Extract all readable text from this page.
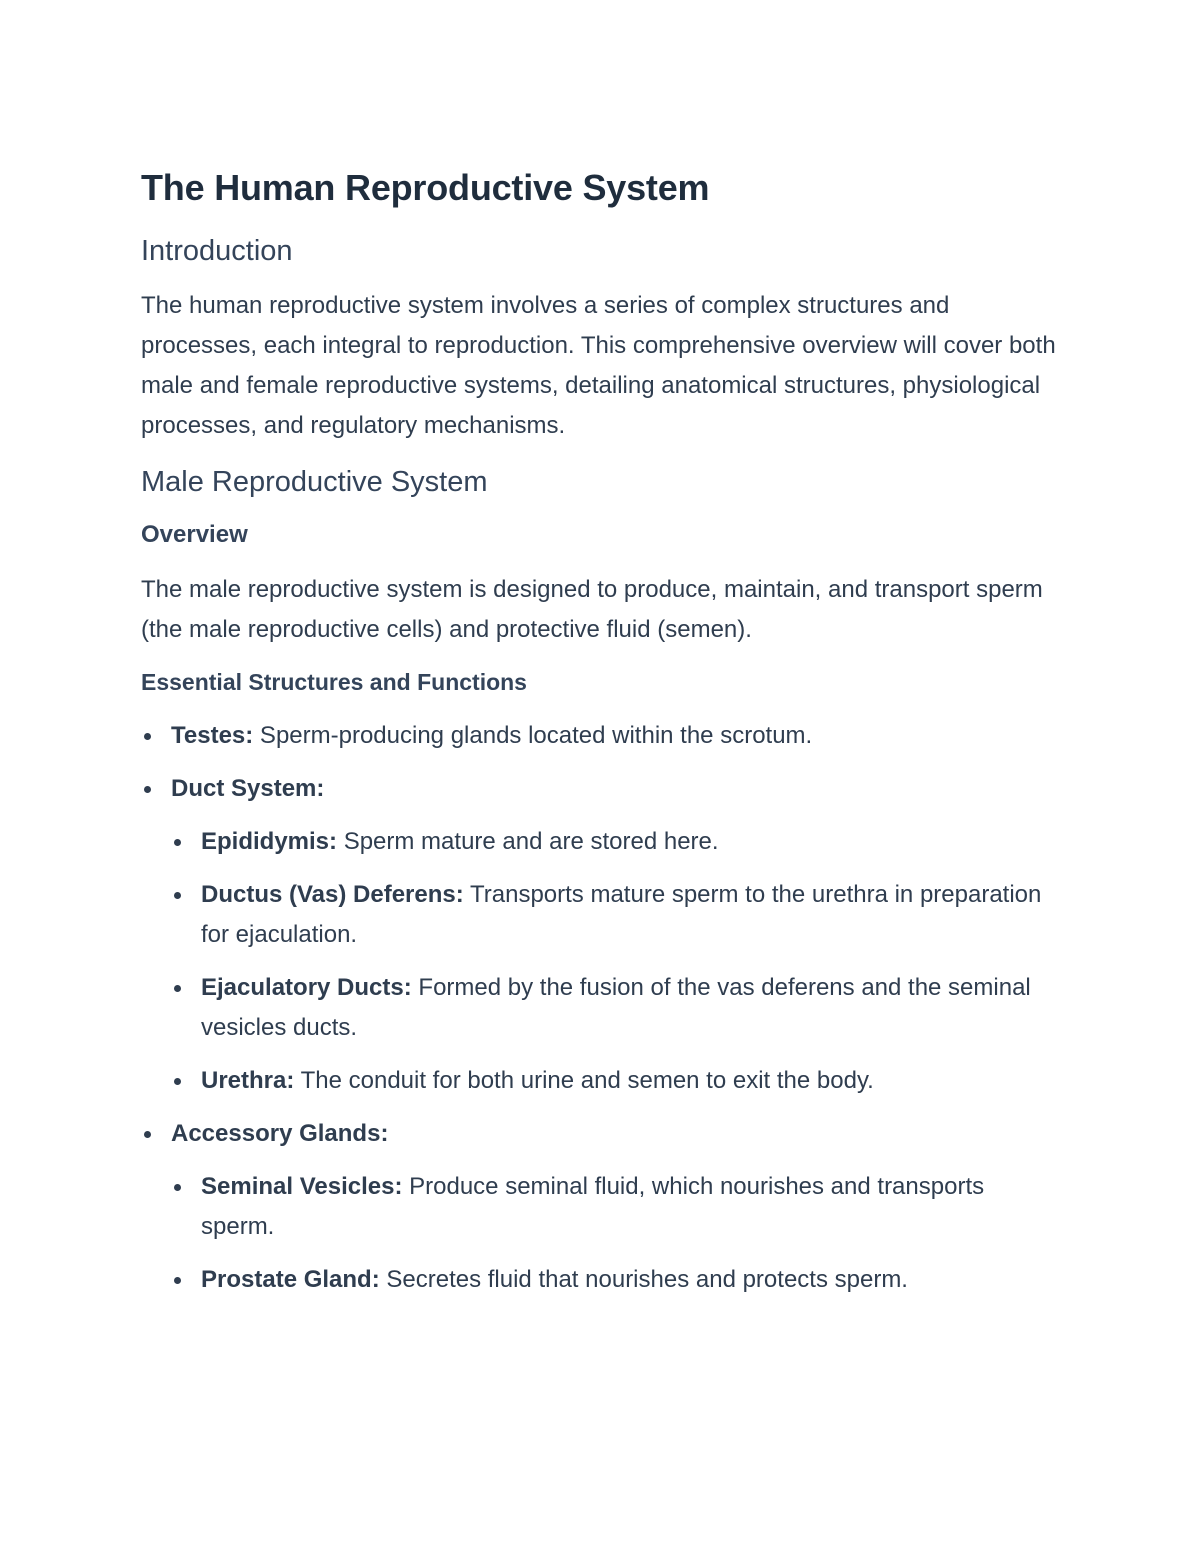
The Human Reproductive System
Introduction

The human reproductive system involves a series of complex structures and processes, each integral to reproduction. This comprehensive overview will cover both male and female reproductive systems, detailing anatomical structures, physiological processes, and regulatory mechanisms.

Male Reproductive System
Overview

The male reproductive system is designed to produce, maintain, and transport sperm (the male reproductive cells) and protective fluid (semen).

Essential Structures and Functions
Testes: Sperm-producing glands located within the scrotum.
Duct System:
Epididymis: Sperm mature and are stored here.
Ductus (Vas) Deferens: Transports mature sperm to the urethra in preparation for ejaculation.
Ejaculatory Ducts: Formed by the fusion of the vas deferens and the seminal vesicles ducts.
Urethra: The conduit for both urine and semen to exit the body.
Accessory Glands:
Seminal Vesicles: Produce seminal fluid, which nourishes and transports sperm.
Prostate Gland: Secretes fluid that nourishes and protects sperm.
